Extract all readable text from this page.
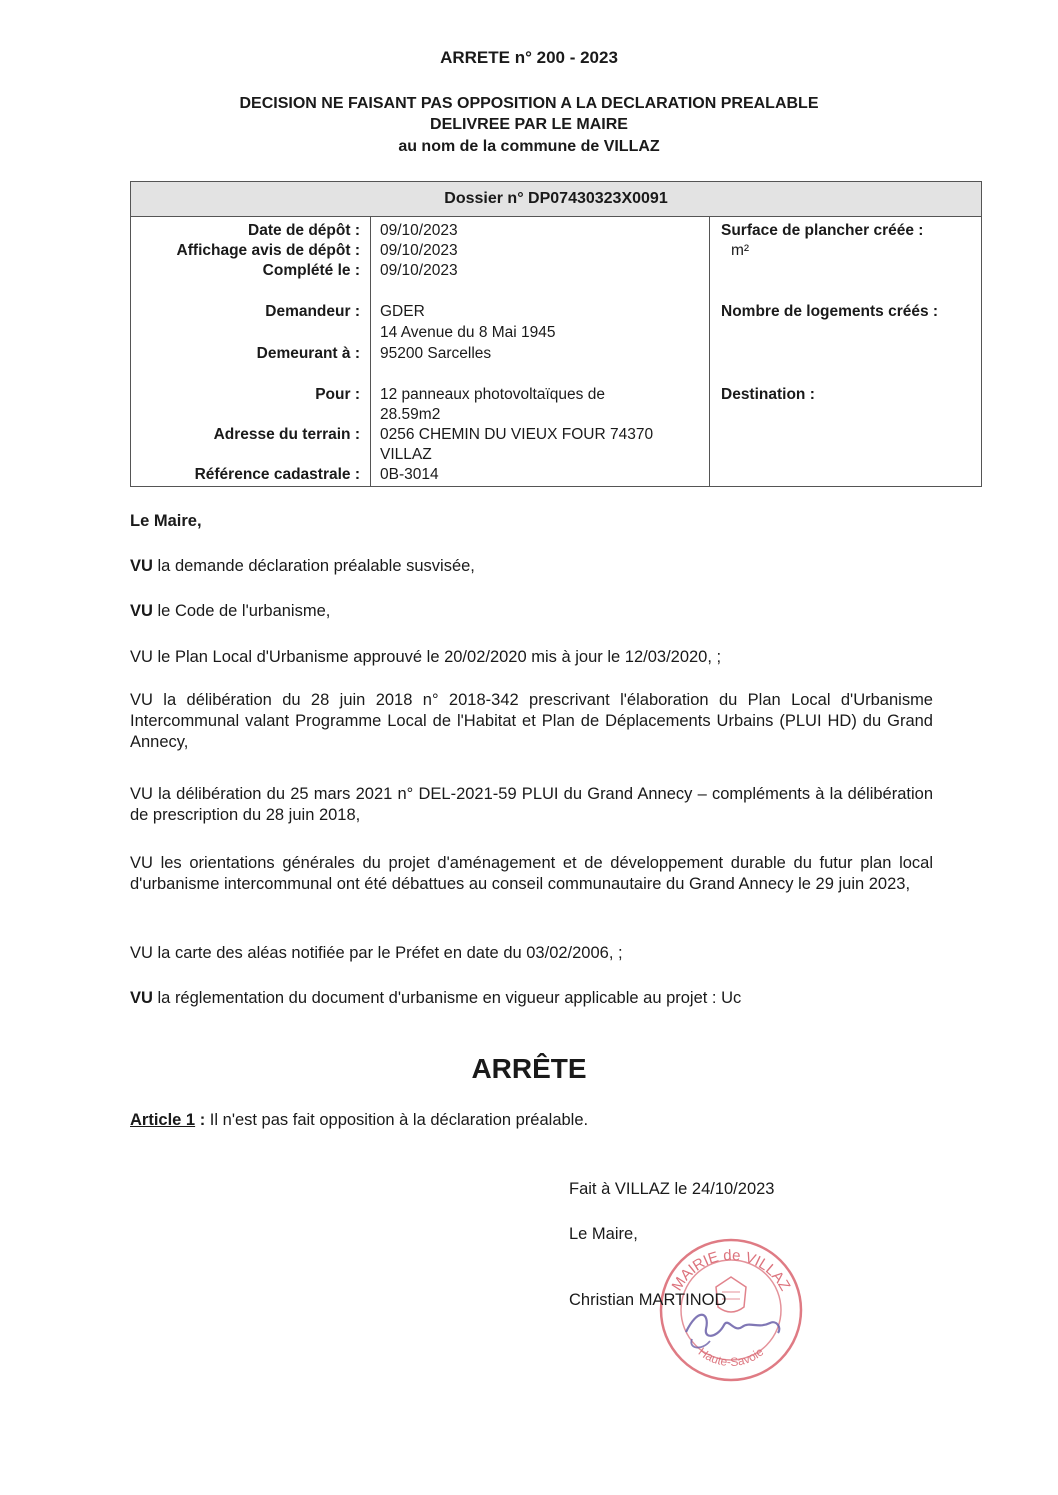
ARRETE n° 200 - 2023
DECISION NE FAISANT PAS OPPOSITION A LA DECLARATION PREALABLE
DELIVREE PAR LE MAIRE
au nom de la commune de VILLAZ
Dossier n° DP07430323X0091
Date de dépôt : 09/10/2023	Surface de plancher créée :
Affichage avis de dépôt : 09/10/2023	m²
Complété le : 09/10/2023
Demandeur : GDER	Nombre de logements créés :
14 Avenue du 8 Mai 1945
Demeurant à : 95200 Sarcelles
Pour : 12 panneaux photovoltaïques de	Destination :
28.59m2
Adresse du terrain : 0256 CHEMIN DU VIEUX FOUR 74370
VILLAZ
Référence cadastrale : 0B-3014
Le Maire,
VU la demande déclaration préalable susvisée,
VU le Code de l'urbanisme,
VU le Plan Local d'Urbanisme approuvé le 20/02/2020 mis à jour le 12/03/2020, ;
VU la délibération du 28 juin 2018 n° 2018-342 prescrivant l'élaboration du Plan Local d'Urbanisme Intercommunal valant Programme Local de l'Habitat et Plan de Déplacements Urbains (PLUI HD) du Grand Annecy,
VU la délibération du 25 mars 2021 n° DEL-2021-59 PLUI du Grand Annecy – compléments à la délibération de prescription du 28 juin 2018,
VU les orientations générales du projet d'aménagement et de développement durable du futur plan local d'urbanisme intercommunal ont été débattues au conseil communautaire du Grand Annecy le 29 juin 2023,
VU la carte des aléas notifiée par le Préfet en date du 03/02/2006, ;
VU la réglementation du document d'urbanisme en vigueur applicable au projet : Uc
ARRÊTE
Article 1 : Il n'est pas fait opposition à la déclaration préalable.
Fait à VILLAZ le 24/10/2023
Le Maire,
MAIRIE de VILLAZ
Haute-Savoie
Christian MARTINOD
